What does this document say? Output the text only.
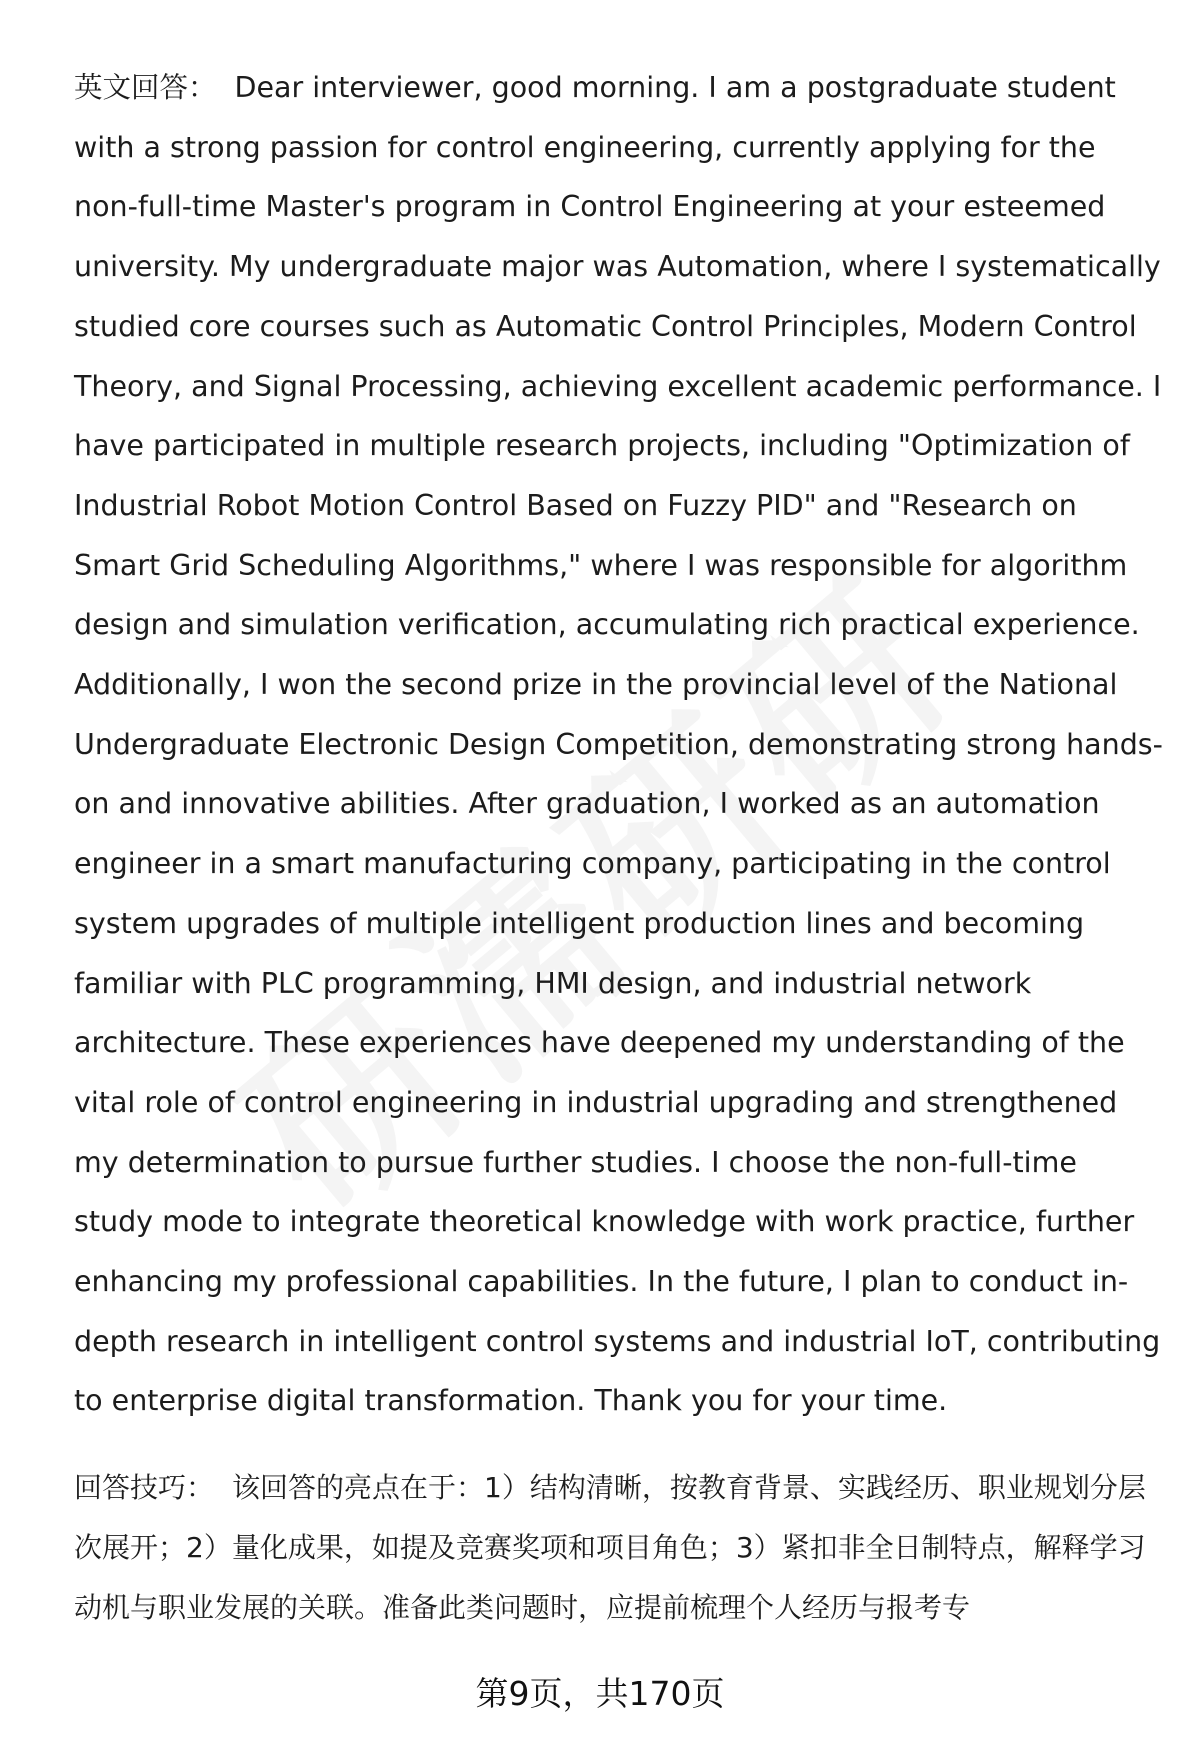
英文回答： Dear interviewer, good morning. I am a postgraduate student with a strong passion for control engineering, currently applying for the non-full-time Master's program in Control Engineering at your esteemed university. My undergraduate major was Automation, where I systematically studied core courses such as Automatic Control Principles, Modern Control Theory, and Signal Processing, achieving excellent academic performance. I have participated in multiple research projects, including "Optimization of Industrial Robot Motion Control Based on Fuzzy PID" and "Research on Smart Grid Scheduling Algorithms," where I was responsible for algorithm design and simulation verification, accumulating rich practical experience. Additionally, I won the second prize in the provincial level of the National Undergraduate Electronic Design Competition, demonstrating strong hands-on and innovative abilities. After graduation, I worked as an automation engineer in a smart manufacturing company, participating in the control system upgrades of multiple intelligent production lines and becoming familiar with PLC programming, HMI design, and industrial network architecture. These experiences have deepened my understanding of the vital role of control engineering in industrial upgrading and strengthened my determination to pursue further studies. I choose the non-full-time study mode to integrate theoretical knowledge with work practice, further enhancing my professional capabilities. In the future, I plan to conduct in-depth research in intelligent control systems and industrial IoT, contributing to enterprise digital transformation. Thank you for your time.

回答技巧： 该回答的亮点在于：1）结构清晰，按教育背景、实践经历、职业规划分层次展开；2）量化成果，如提及竞赛奖项和项目角色；3）紧扣非全日制特点，解释学习动机与职业发展的关联。准备此类问题时，应提前梳理个人经历与报考专

第9页，共170页
